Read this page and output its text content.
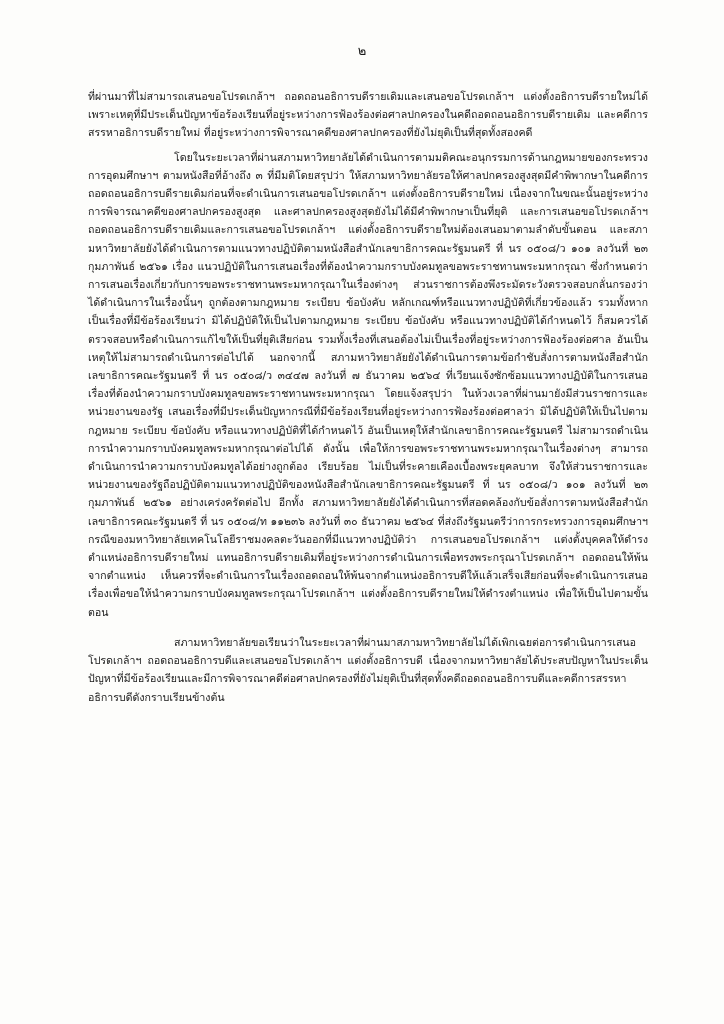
๒

ที่ผ่านมาที่ไม่สามารถเสนอขอโปรดเกล้าฯ ถอดถอนอธิการบดีรายเดิมและเสนอขอโปรดเกล้าฯ แต่งตั้งอธิการบดีรายใหม่ได้ เพราะเหตุที่มีประเด็นปัญหาข้อร้องเรียนที่อยู่ระหว่างการฟ้องร้องต่อศาลปกครองในคดีถอดถอนอธิการบดีรายเดิม และคดีการสรรหาอธิการบดีรายใหม่ ที่อยู่ระหว่างการพิจารณาคดีของศาลปกครองที่ยังไม่ยุติเป็นที่สุดทั้งสองคดี

โดยในระยะเวลาที่ผ่านสภามหาวิทยาลัยได้ดำเนินการตามมติคณะอนุกรรมการด้านกฎหมายของกระทรวงการอุดมศึกษาฯ ตามหนังสือที่อ้างถึง ๓ ที่มีมติโดยสรุปว่า ให้สภามหาวิทยาลัยรอให้ศาลปกครองสูงสุดมีคำพิพากษาในคดีการถอดถอนอธิการบดีรายเดิมก่อนที่จะดำเนินการเสนอขอโปรดเกล้าฯ แต่งตั้งอธิการบดีรายใหม่ เนื่องจากในขณะนั้นอยู่ระหว่างการพิจารณาคดีของศาลปกครองสูงสุด และศาลปกครองสูงสุดยังไม่ได้มีคำพิพากษาเป็นที่ยุติ และการเสนอขอโปรดเกล้าฯ ถอดถอนอธิการบดีรายเดิมและการเสนอขอโปรดเกล้าฯ แต่งตั้งอธิการบดีรายใหม่ต้องเสนอมาตามลำดับขั้นตอน และสภามหาวิทยาลัยยังได้ดำเนินการตามแนวทางปฏิบัติตามหนังสือสำนักเลขาธิการคณะรัฐมนตรี ที่ นร ๐๕๐๘/ว ๑๐๑ ลงวันที่ ๒๓ กุมภาพันธ์ ๒๕๖๑ เรื่อง แนวปฏิบัติในการเสนอเรื่องที่ต้องนำความกราบบังคมทูลขอพระราชทานพระมหากรุณา ซึ่งกำหนดว่า การเสนอเรื่องเกี่ยวกับการขอพระราชทานพระมหากรุณาในเรื่องต่างๆ ส่วนราชการต้องพึงระมัดระวังตรวจสอบกลั่นกรองว่าได้ดำเนินการในเรื่องนั้นๆ ถูกต้องตามกฎหมาย ระเบียบ ข้อบังคับ หลักเกณฑ์หรือแนวทางปฏิบัติที่เกี่ยวข้องแล้ว รวมทั้งหากเป็นเรื่องที่มีข้อร้องเรียนว่า มิได้ปฏิบัติให้เป็นไปตามกฎหมาย ระเบียบ ข้อบังคับ หรือแนวทางปฏิบัติได้กำหนดไว้ ก็สมควรได้ตรวจสอบหรือดำเนินการแก้ไขให้เป็นที่ยุติเสียก่อน รวมทั้งเรื่องที่เสนอต้องไม่เป็นเรื่องที่อยู่ระหว่างการฟ้องร้องต่อศาล อันเป็นเหตุให้ไม่สามารถดำเนินการต่อไปได้ นอกจากนี้ สภามหาวิทยาลัยยังได้ดำเนินการตามข้อกำชับสั่งการตามหนังสือสำนักเลขาธิการคณะรัฐมนตรี ที่ นร ๐๕๐๘/ว ๓๔๔๗ ลงวันที่ ๗ ธันวาคม ๒๕๖๔ ที่เวียนแจ้งซักซ้อมแนวทางปฏิบัติในการเสนอเรื่องที่ต้องนำความกราบบังคมทูลขอพระราชทานพระมหากรุณา โดยแจ้งสรุปว่า ในห้วงเวลาที่ผ่านมายังมีส่วนราชการและหน่วยงานของรัฐ เสนอเรื่องที่มีประเด็นปัญหากรณีที่มีข้อร้องเรียนที่อยู่ระหว่างการฟ้องร้องต่อศาลว่า มิได้ปฏิบัติให้เป็นไปตามกฎหมาย ระเบียบ ข้อบังคับ หรือแนวทางปฏิบัติที่ได้กำหนดไว้ อันเป็นเหตุให้สำนักเลขาธิการคณะรัฐมนตรี ไม่สามารถดำเนินการนำความกราบบังคมทูลพระมหากรุณาต่อไปได้ ดังนั้น เพื่อให้การขอพระราชทานพระมหากรุณาในเรื่องต่างๆ สามารถดำเนินการนำความกราบบังคมทูลได้อย่างถูกต้อง เรียบร้อย ไม่เป็นที่ระคายเคืองเบื้องพระยุคลบาท จึงให้ส่วนราชการและหน่วยงานของรัฐถือปฏิบัติตามแนวทางปฏิบัติของหนังสือสำนักเลขาธิการคณะรัฐมนตรี ที่ นร ๐๕๐๘/ว ๑๐๑ ลงวันที่ ๒๓ กุมภาพันธ์ ๒๕๖๑ อย่างเคร่งครัดต่อไป อีกทั้ง สภามหาวิทยาลัยยังได้ดำเนินการที่สอดคล้องกับข้อสั่งการตามหนังสือสำนักเลขาธิการคณะรัฐมนตรี ที่ นร ๐๕๐๘/ท ๑๑๒๓๖ ลงวันที่ ๓๐ ธันวาคม ๒๕๖๔ ที่ส่งถึงรัฐมนตรีว่าการกระทรวงการอุดมศึกษาฯ กรณีของมหาวิทยาลัยเทคโนโลยีราชมงคลตะวันออกที่มีแนวทางปฏิบัติว่า การเสนอขอโปรดเกล้าฯ แต่งตั้งบุคคลให้ดำรงตำแหน่งอธิการบดีรายใหม่ แทนอธิการบดีรายเดิมที่อยู่ระหว่างการดำเนินการเพื่อทรงพระกรุณาโปรดเกล้าฯ ถอดถอนให้พ้นจากตำแหน่ง เห็นควรที่จะดำเนินการในเรื่องถอดถอนให้พ้นจากตำแหน่งอธิการบดีให้แล้วเสร็จเสียก่อนที่จะดำเนินการเสนอเรื่องเพื่อขอให้นำความกราบบังคมทูลพระกรุณาโปรดเกล้าฯ แต่งตั้งอธิการบดีรายใหม่ให้ดำรงตำแหน่ง เพื่อให้เป็นไปตามขั้นตอน

สภามหาวิทยาลัยขอเรียนว่าในระยะเวลาที่ผ่านมาสภามหาวิทยาลัยไม่ได้เพิกเฉยต่อการดำเนินการเสนอโปรดเกล้าฯ ถอดถอนอธิการบดีและเสนอขอโปรดเกล้าฯ แต่งตั้งอธิการบดี เนื่องจากมหาวิทยาลัยได้ประสบปัญหาในประเด็นปัญหาที่มีข้อร้องเรียนและมีการพิจารณาคดีต่อศาลปกครองที่ยังไม่ยุติเป็นที่สุดทั้งคดีถอดถอนอธิการบดีและคดีการสรรหาอธิการบดีดังกราบเรียนข้างต้น
